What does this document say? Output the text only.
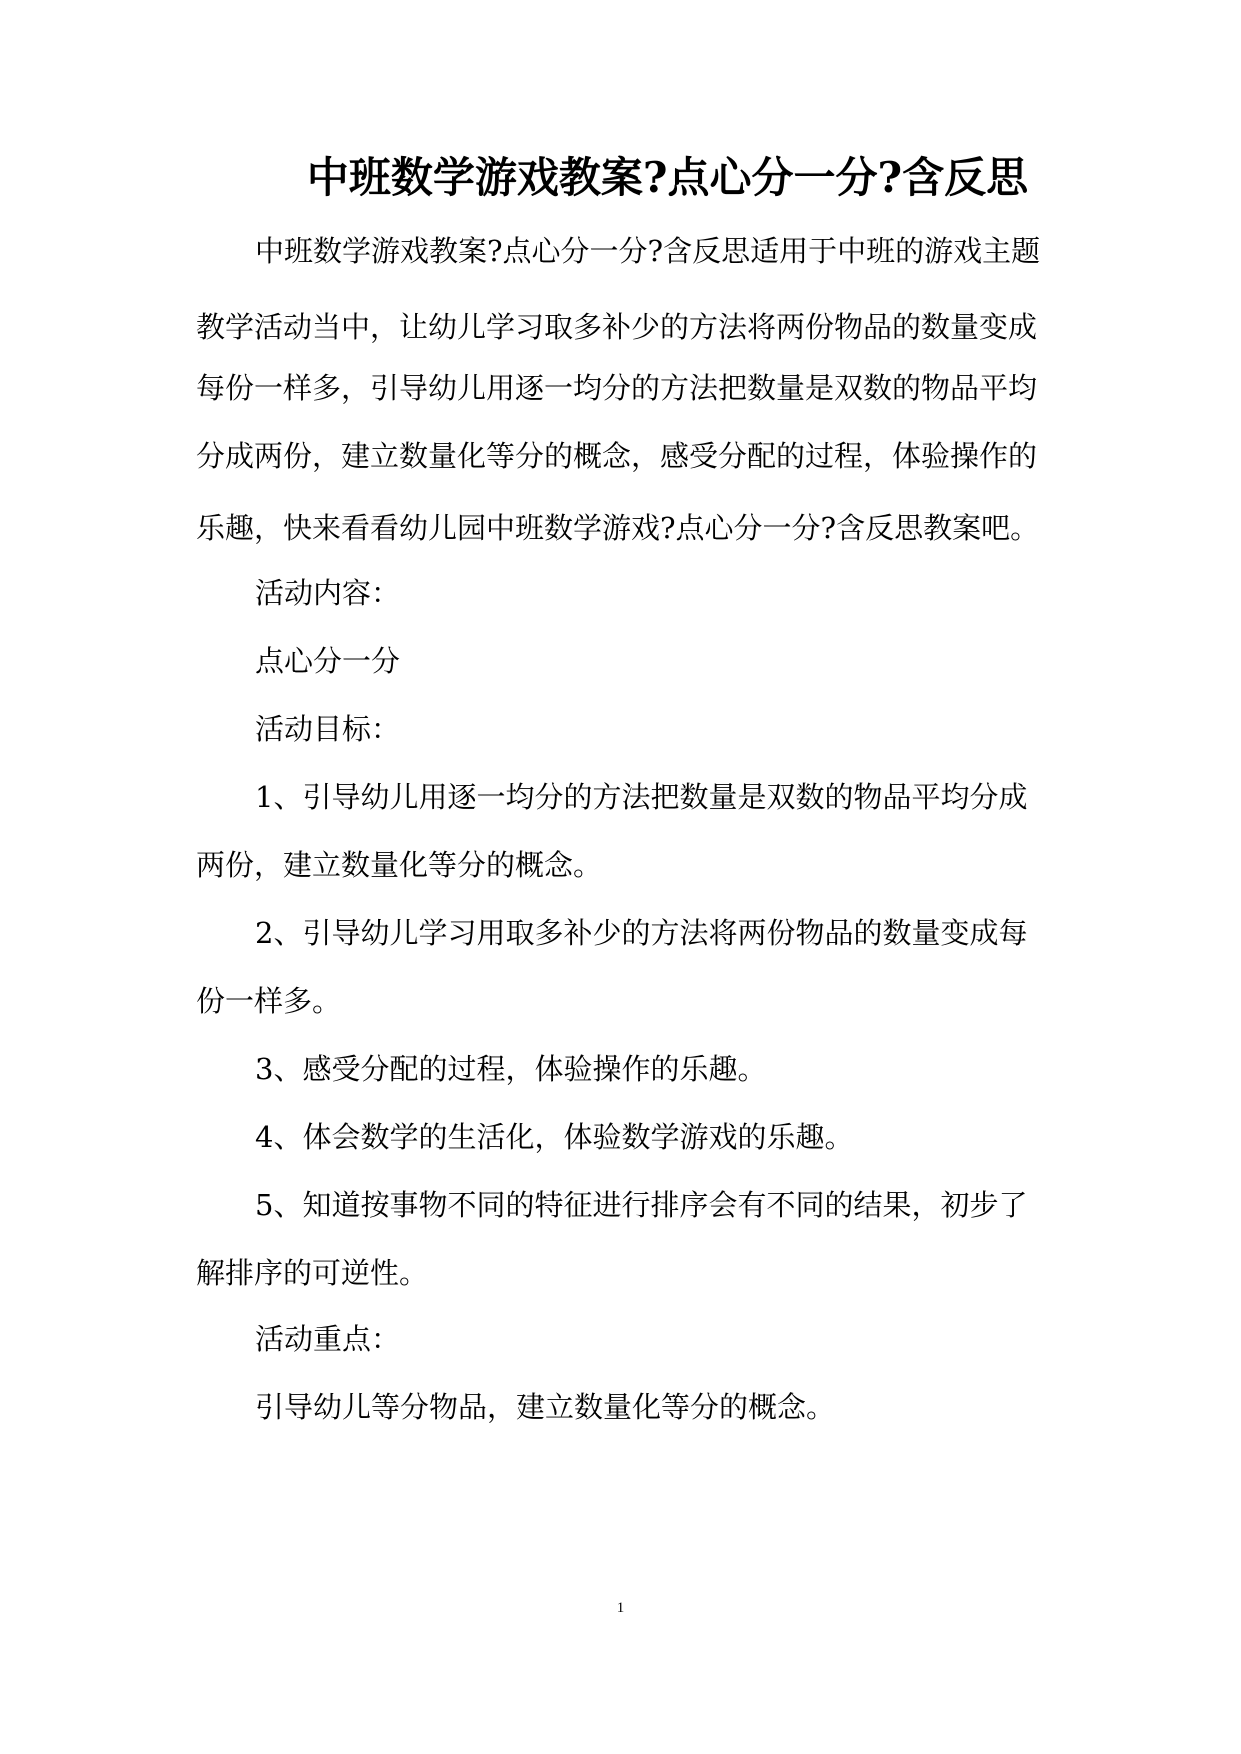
中班数学游戏教案?点心分一分?含反思
中班数学游戏教案?点心分一分?含反思适用于中班的游戏主题
教学活动当中，让幼儿学习取多补少的方法将两份物品的数量变成
每份一样多，引导幼儿用逐一均分的方法把数量是双数的物品平均
分成两份，建立数量化等分的概念，感受分配的过程，体验操作的
乐趣，快来看看幼儿园中班数学游戏?点心分一分?含反思教案吧。
活动内容：
点心分一分
活动目标：
1、引导幼儿用逐一均分的方法把数量是双数的物品平均分成
两份，建立数量化等分的概念。
2、引导幼儿学习用取多补少的方法将两份物品的数量变成每
份一样多。
3、感受分配的过程，体验操作的乐趣。
4、体会数学的生活化，体验数学游戏的乐趣。
5、知道按事物不同的特征进行排序会有不同的结果，初步了
解排序的可逆性。
活动重点：
引导幼儿等分物品，建立数量化等分的概念。
1
